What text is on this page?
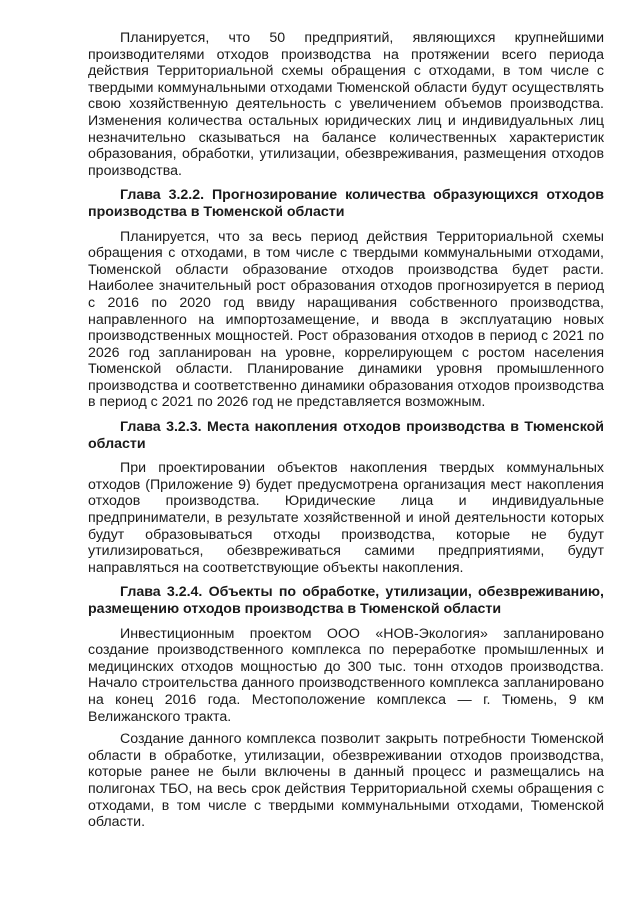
Планируется, что 50 предприятий, являющихся крупнейшими производителями отходов производства на протяжении всего периода действия Территориальной схемы обращения с отходами, в том числе с твердыми коммунальными отходами Тюменской области будут осуществлять свою хозяйственную деятельность с увеличением объемов производства. Изменения количества остальных юридических лиц и индивидуальных лиц незначительно сказываться на балансе количественных характеристик образования, обработки, утилизации, обезвреживания, размещения отходов производства.

Глава 3.2.2. Прогнозирование количества образующихся отходов производства в Тюменской области

Планируется, что за весь период действия Территориальной схемы обращения с отходами, в том числе с твердыми коммунальными отходами, Тюменской области образование отходов производства будет расти. Наиболее значительный рост образования отходов прогнозируется в период с 2016 по 2020 год ввиду наращивания собственного производства, направленного на импортозамещение, и ввода в эксплуатацию новых производственных мощностей. Рост образования отходов в период с 2021 по 2026 год запланирован на уровне, коррелирующем с ростом населения Тюменской области. Планирование динамики уровня промышленного производства и соответственно динамики образования отходов производства в период с 2021 по 2026 год не представляется возможным.

Глава 3.2.3. Места накопления отходов производства в Тюменской области

При проектировании объектов накопления твердых коммунальных отходов (Приложение 9) будет предусмотрена организация мест накопления отходов производства. Юридические лица и индивидуальные предприниматели, в результате хозяйственной и иной деятельности которых будут образовываться отходы производства, которые не будут утилизироваться, обезвреживаться самими предприятиями, будут направляться на соответствующие объекты накопления.

Глава 3.2.4. Объекты по обработке, утилизации, обезвреживанию, размещению отходов производства в Тюменской области

Инвестиционным проектом ООО «НОВ-Экология» запланировано создание производственного комплекса по переработке промышленных и медицинских отходов мощностью до 300 тыс. тонн отходов производства. Начало строительства данного производственного комплекса запланировано на конец 2016 года. Местоположение комплекса — г. Тюмень, 9 км Велижанского тракта.

Создание данного комплекса позволит закрыть потребности Тюменской области в обработке, утилизации, обезвреживании отходов производства, которые ранее не были включены в данный процесс и размещались на полигонах ТБО, на весь срок действия Территориальной схемы обращения с отходами, в том числе с твердыми коммунальными отходами, Тюменской области.
